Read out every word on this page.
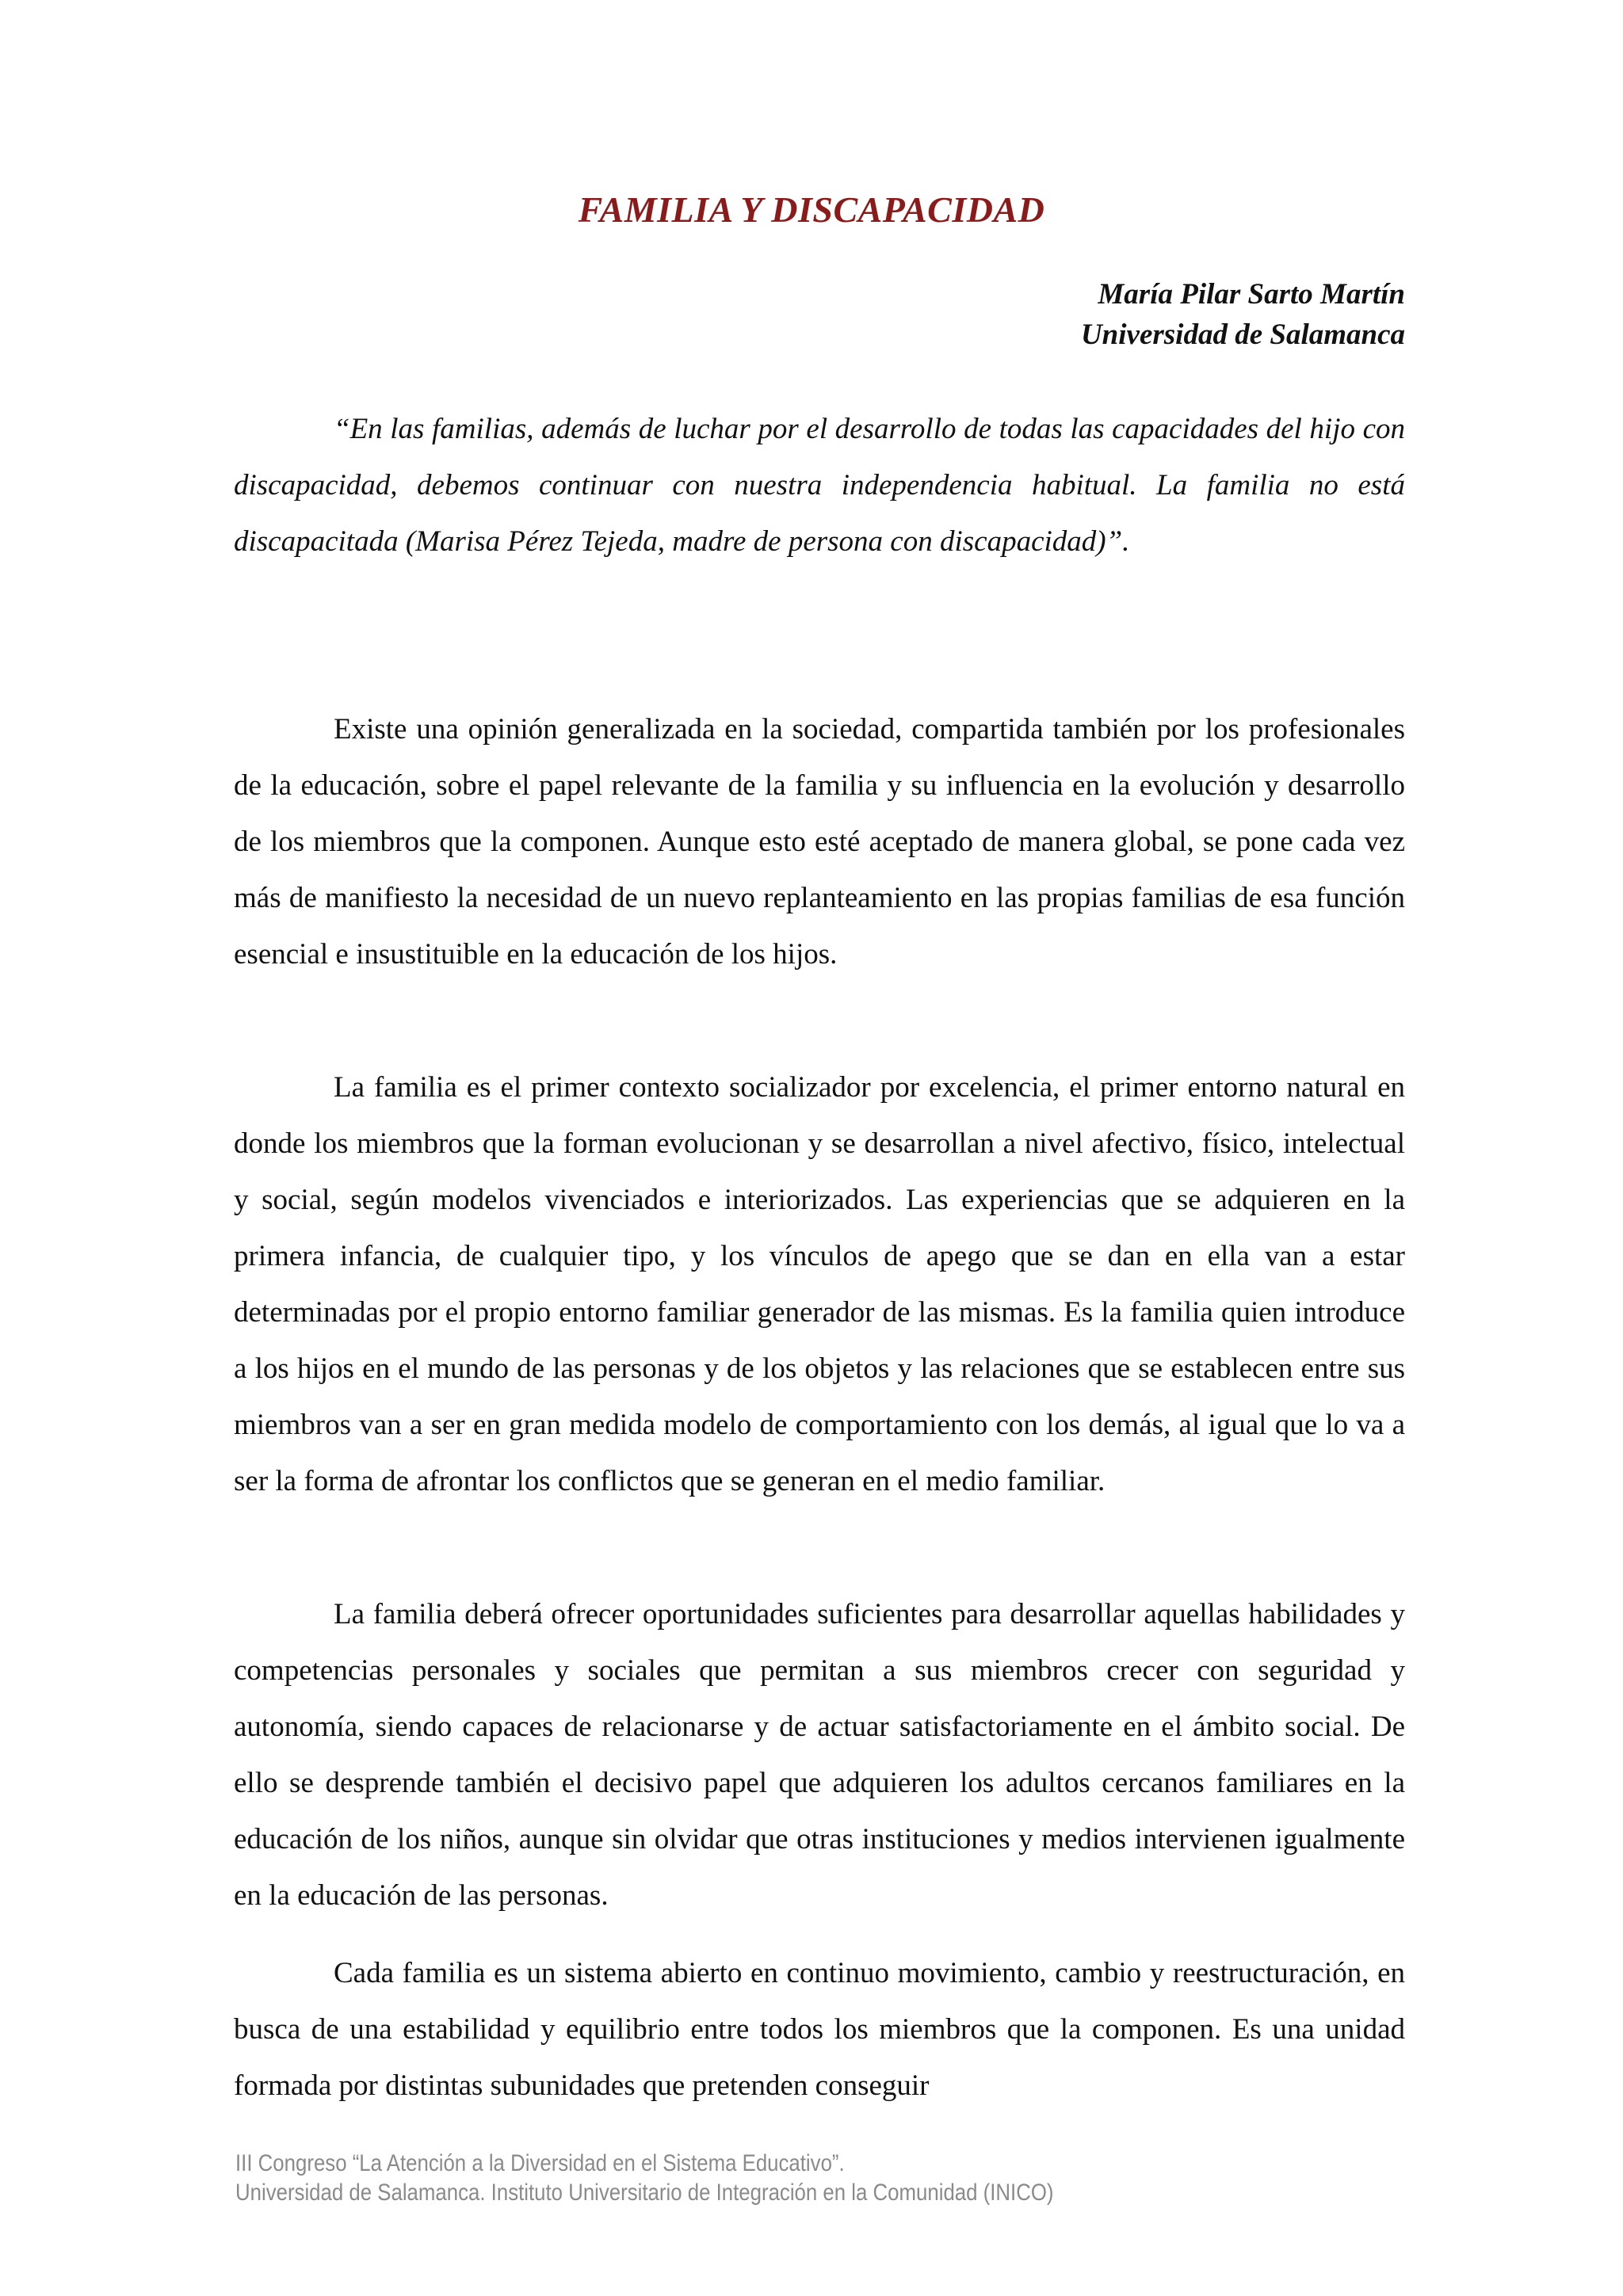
FAMILIA Y DISCAPACIDAD
María Pilar Sarto Martín
Universidad de Salamanca

“En las familias, además de luchar por el desarrollo de todas las capacidades del hijo con discapacidad, debemos continuar con nuestra independencia habitual. La familia no está discapacitada (Marisa Pérez Tejeda, madre de persona con discapacidad)”.

Existe una opinión generalizada en la sociedad, compartida también por los profesionales de la educación, sobre el papel relevante de la familia y su influencia en la evolución y desarrollo de los miembros que la componen. Aunque esto esté aceptado de manera global, se pone cada vez más de manifiesto la necesidad de un nuevo replanteamiento en las propias familias de esa función esencial e insustituible en la educación de los hijos.

La familia es el primer contexto socializador por excelencia, el primer entorno natural en donde los miembros que la forman evolucionan y se desarrollan a nivel afectivo, físico, intelectual y social, según modelos vivenciados e interiorizados. Las experiencias que se adquieren en la primera infancia, de cualquier tipo, y los vínculos de apego que se dan en ella van a estar determinadas por el propio entorno familiar generador de las mismas. Es la familia quien introduce a los hijos en el mundo de las personas y de los objetos y las relaciones que se establecen entre sus miembros van a ser en gran medida modelo de comportamiento con los demás, al igual que lo va a ser la forma de afrontar los conflictos que se generan en el medio familiar.

La familia deberá ofrecer oportunidades suficientes para desarrollar aquellas habilidades y competencias personales y sociales que permitan a sus miembros crecer con seguridad y autonomía, siendo capaces de relacionarse y de actuar satisfactoriamente en el ámbito social. De ello se desprende también el decisivo papel que adquieren los adultos cercanos familiares en la educación de los niños, aunque sin olvidar que otras instituciones y medios intervienen igualmente en la educación de las personas.

Cada familia es un sistema abierto en continuo movimiento, cambio y reestructuración, en busca de una estabilidad y equilibrio entre todos los miembros que la componen. Es una unidad formada por distintas subunidades que pretenden conseguir

III Congreso “La Atención a la Diversidad en el Sistema Educativo”.
Universidad de Salamanca. Instituto Universitario de Integración en la Comunidad (INICO)
